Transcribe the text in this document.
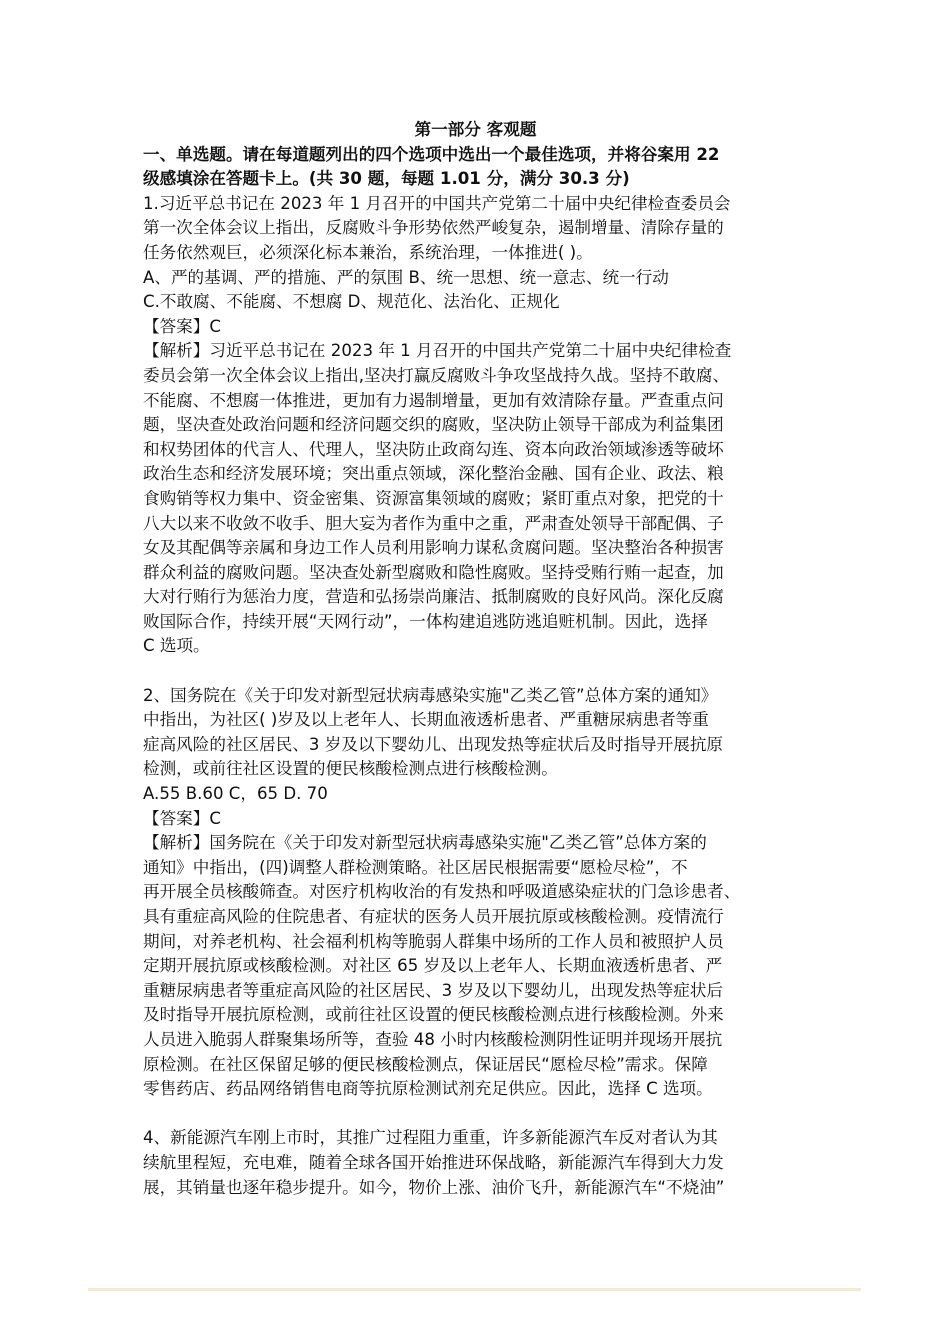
第一部分 客观题
一、单选题。请在每道题列出的四个选项中选出一个最佳选项，并将谷案用 22
级感填涂在答题卡上。(共 30 题，每题 1.01 分，满分 30.3 分)
1.习近平总书记在 2023 年 1 月召开的中国共产党第二十届中央纪律检查委员会
第一次全体会议上指出，反腐败斗争形势依然严峻复杂，遏制增量、清除存量的
任务依然观巨，必须深化标本兼治，系统治理，一体推进( )。
A、严的基调、严的措施、严的氛围 B、统一思想、统一意志、统一行动
C.不敢腐、不能腐、不想腐 D、规范化、法治化、正规化
【答案】C
【解析】习近平总书记在 2023 年 1 月召开的中国共产党第二十届中央纪律检查
委员会第一次全体会议上指出,坚决打赢反腐败斗争攻坚战持久战。坚持不敢腐、
不能腐、不想腐一体推进，更加有力遏制增量，更加有效清除存量。严查重点问
题，坚决查处政治问题和经济问题交织的腐败，坚决防止领导干部成为利益集团
和权势团体的代言人、代理人，坚决防止政商勾连、资本向政治领域渗透等破坏
政治生态和经济发展环境；突出重点领域，深化整治金融、国有企业、政法、粮
食购销等权力集中、资金密集、资源富集领域的腐败；紧盯重点对象，把党的十
八大以来不收敛不收手、胆大妄为者作为重中之重，严肃查处领导干部配偶、子
女及其配偶等亲属和身边工作人员利用影响力谋私贪腐问题。坚决整治各种损害
群众利益的腐败问题。坚决查处新型腐败和隐性腐败。坚持受贿行贿一起查，加
大对行贿行为惩治力度，营造和弘扬崇尚廉洁、抵制腐败的良好风尚。深化反腐
败国际合作，持续开展“天网行动”，一体构建追逃防逃追赃机制。因此，选择
C 选项。
2、国务院在《关于印发对新型冠状病毒感染实施"乙类乙管”总体方案的通知》
中指出，为社区( )岁及以上老年人、长期血液透析患者、严重糖尿病患者等重
症高风险的社区居民、3 岁及以下婴幼儿、出现发热等症状后及时指导开展抗原
检测，或前往社区设置的便民核酸检测点进行核酸检测。
A.55 B.60 C，65 D. 70
【答案】C
【解析】国务院在《关于印发对新型冠状病毒感染实施"乙类乙管”总体方案的
通知》中指出，(四)调整人群检测策略。社区居民根据需要“愿检尽检”，不
再开展全员核酸筛查。对医疗机构收治的有发热和呼吸道感染症状的门急诊患者、
具有重症高风险的住院患者、有症状的医务人员开展抗原或核酸检测。疫情流行
期间，对养老机构、社会福利机构等脆弱人群集中场所的工作人员和被照护人员
定期开展抗原或核酸检测。对社区 65 岁及以上老年人、长期血液透析患者、严
重糖尿病患者等重症高风险的社区居民、3 岁及以下婴幼儿，出现发热等症状后
及时指导开展抗原检测，或前往社区设置的便民核酸检测点进行核酸检测。外来
人员进入脆弱人群聚集场所等，查验 48 小时内核酸检测阴性证明并现场开展抗
原检测。在社区保留足够的便民核酸检测点，保证居民“愿检尽检”需求。保障
零售药店、药品网络销售电商等抗原检测试剂充足供应。因此，选择 C 选项。
4、新能源汽车刚上市时，其推广过程阻力重重，许多新能源汽车反对者认为其
续航里程短，充电难，随着全球各国开始推进环保战略，新能源汽车得到大力发
展，其销量也逐年稳步提升。如今，物价上涨、油价飞升，新能源汽车“不烧油”
